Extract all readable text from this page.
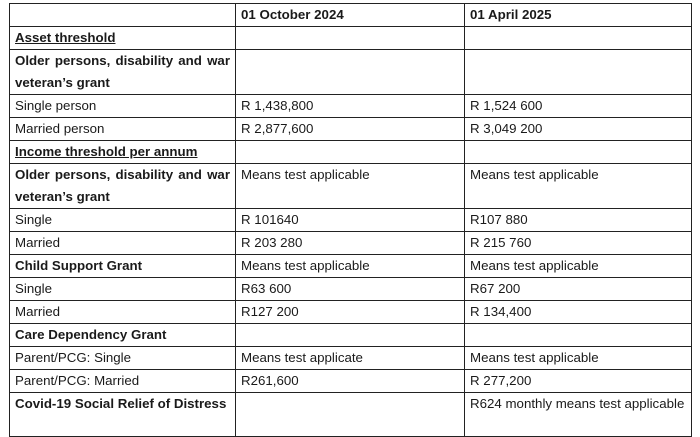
	01 October 2024	01 April 2025
Asset threshold		
Older persons, disability and war veteran’s grant		
Single person	R 1,438,800	R 1,524 600
Married person	R 2,877,600	R 3,049 200
Income threshold per annum		
Older persons, disability and war veteran’s grant	Means test applicable	Means test applicable
Single	R 101640	R107 880
Married	R 203 280	R 215 760
Child Support Grant	Means test applicable	Means test applicable
Single	R63 600	R67 200
Married	R127 200	R 134,400
Care Dependency Grant		
Parent/PCG: Single	Means test applicate	Means test applicable
Parent/PCG: Married	R261,600	R 277,200
Covid-19 Social Relief of Distress		R624 monthly means test applicable
